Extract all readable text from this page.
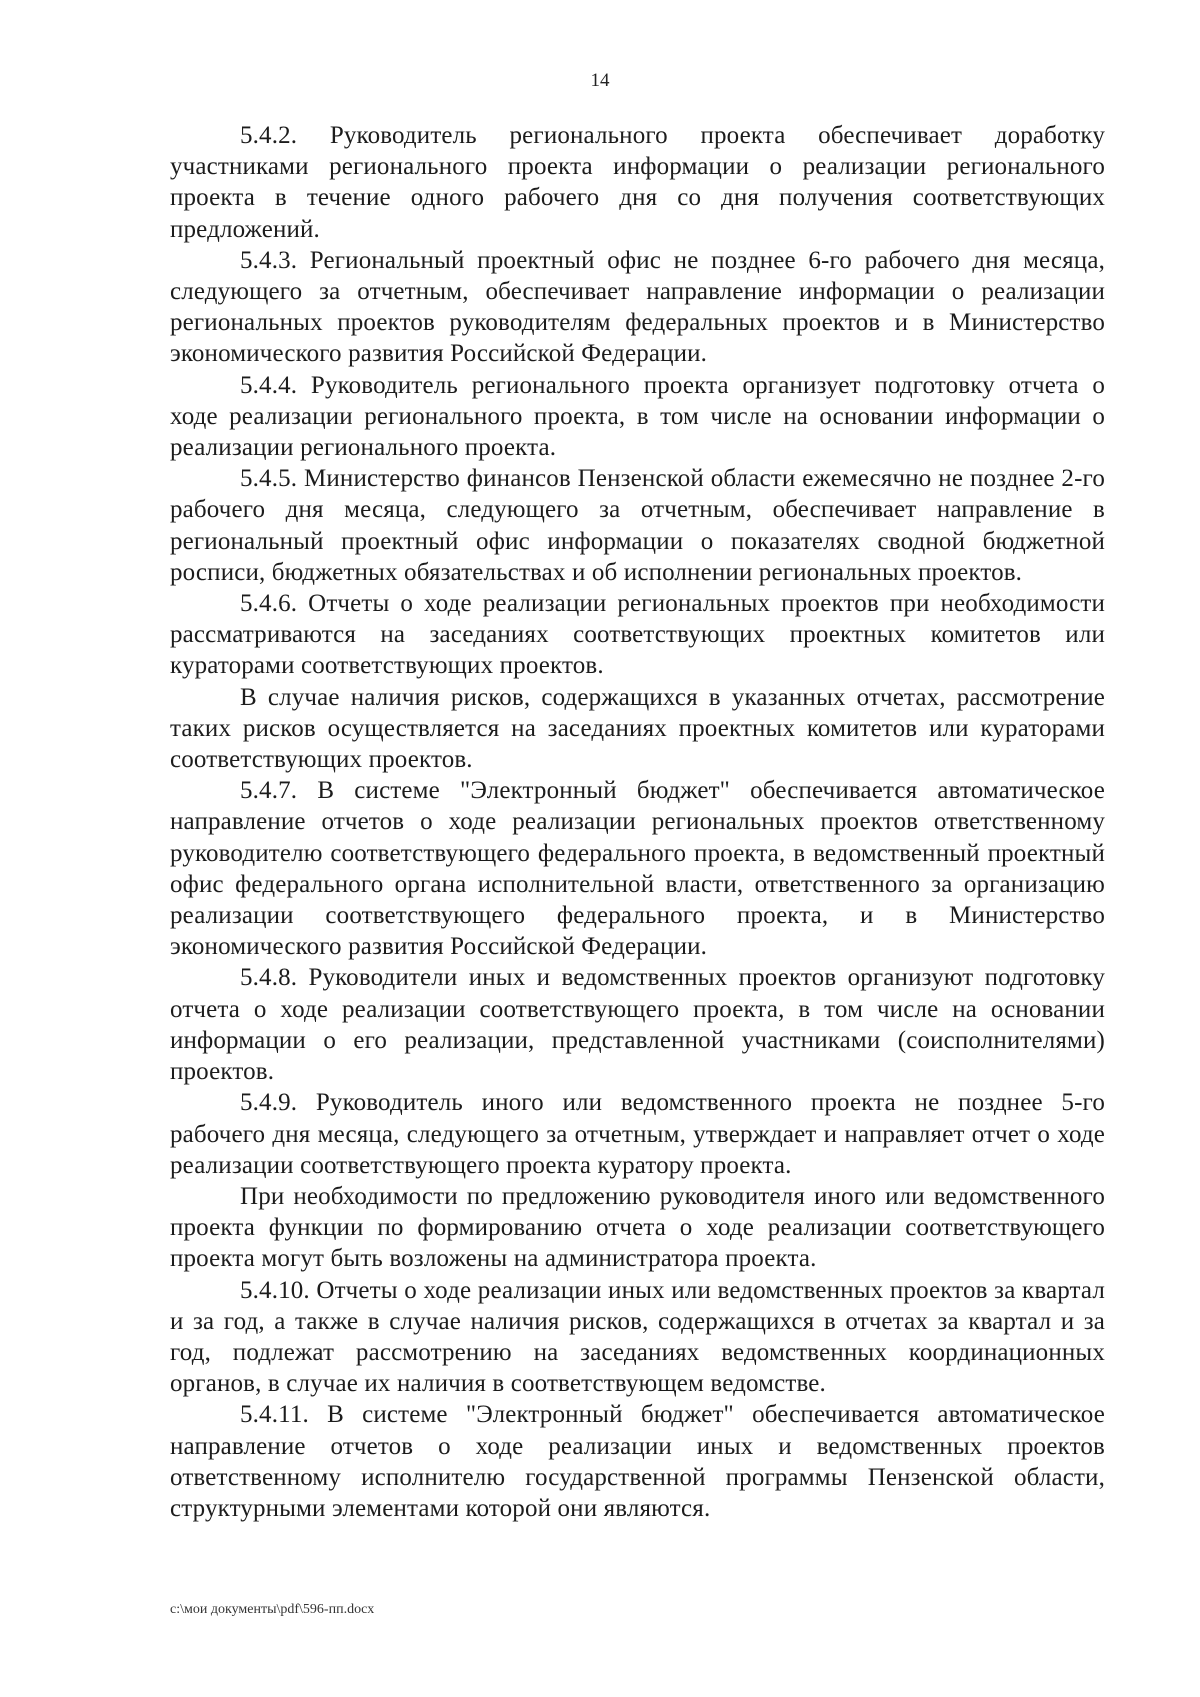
14

5.4.2. Руководитель регионального проекта обеспечивает доработку участниками регионального проекта информации о реализации регионального проекта в течение одного рабочего дня со дня получения соответствующих предложений.

5.4.3. Региональный проектный офис не позднее 6-го рабочего дня месяца, следующего за отчетным, обеспечивает направление информации о реализации региональных проектов руководителям федеральных проектов и в Министерство экономического развития Российской Федерации.

5.4.4. Руководитель регионального проекта организует подготовку отчета о ходе реализации регионального проекта, в том числе на основании информации о реализации регионального проекта.

5.4.5. Министерство финансов Пензенской области ежемесячно не позднее 2-го рабочего дня месяца, следующего за отчетным, обеспечивает направление в региональный проектный офис информации о показателях сводной бюджетной росписи, бюджетных обязательствах и об исполнении региональных проектов.

5.4.6. Отчеты о ходе реализации региональных проектов при необходимости рассматриваются на заседаниях соответствующих проектных комитетов или кураторами соответствующих проектов.

В случае наличия рисков, содержащихся в указанных отчетах, рассмотрение таких рисков осуществляется на заседаниях проектных комитетов или кураторами соответствующих проектов.

5.4.7. В системе "Электронный бюджет" обеспечивается автоматическое направление отчетов о ходе реализации региональных проектов ответственному руководителю соответствующего федерального проекта, в ведомственный проектный офис федерального органа исполнительной власти, ответственного за организацию реализации соответствующего федерального проекта, и в Министерство экономического развития Российской Федерации.

5.4.8. Руководители иных и ведомственных проектов организуют подготовку отчета о ходе реализации соответствующего проекта, в том числе на основании информации о его реализации, представленной участниками (соисполнителями) проектов.

5.4.9. Руководитель иного или ведомственного проекта не позднее 5-го рабочего дня месяца, следующего за отчетным, утверждает и направляет отчет о ходе реализации соответствующего проекта куратору проекта.

При необходимости по предложению руководителя иного или ведомственного проекта функции по формированию отчета о ходе реализации соответствующего проекта могут быть возложены на администратора проекта.

5.4.10. Отчеты о ходе реализации иных или ведомственных проектов за квартал и за год, а также в случае наличия рисков, содержащихся в отчетах за квартал и за год, подлежат рассмотрению на заседаниях ведомственных координационных органов, в случае их наличия в соответствующем ведомстве.

5.4.11. В системе "Электронный бюджет" обеспечивается автоматическое направление отчетов о ходе реализации иных и ведомственных проектов ответственному исполнителю государственной программы Пензенской области, структурными элементами которой они являются.

c:\мои документы\pdf\596-пп.docx
